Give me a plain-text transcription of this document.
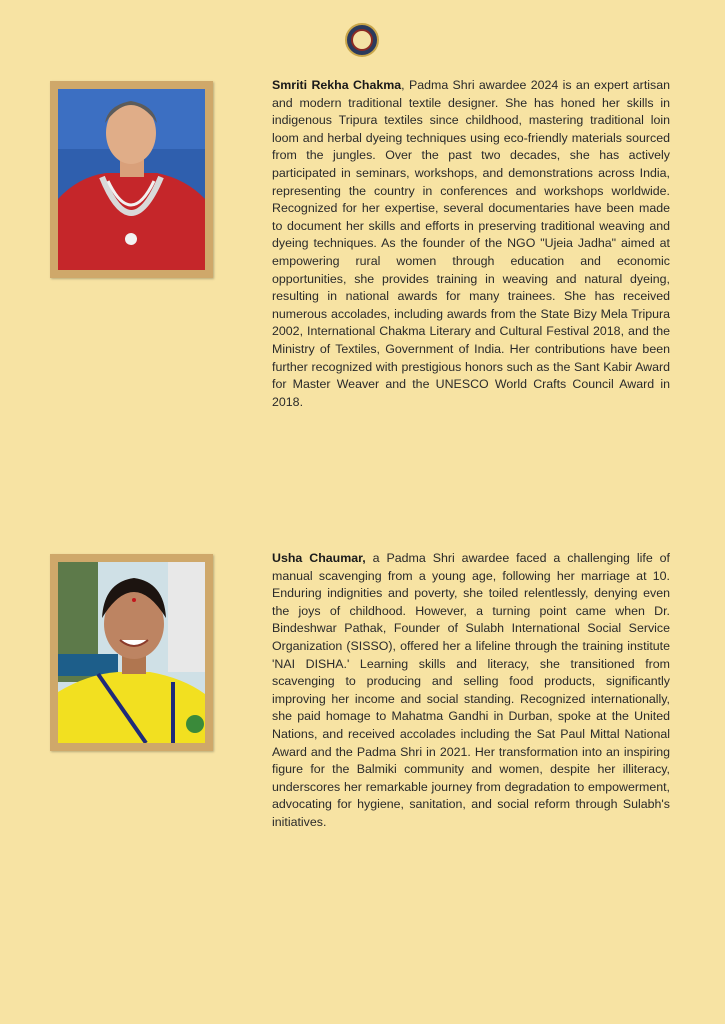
Smriti Rekha Chakma, Padma Shri awardee 2024 is an expert artisan and modern traditional textile designer. She has honed her skills in indigenous Tripura textiles since childhood, mastering traditional loin loom and herbal dyeing techniques using eco-friendly materials sourced from the jungles. Over the past two decades, she has actively participated in seminars, workshops, and demonstrations across India, representing the country in conferences and workshops worldwide. Recognized for her expertise, several documentaries have been made to document her skills and efforts in preserving traditional weaving and dyeing techniques. As the founder of the NGO "Ujeia Jadha" aimed at empowering rural women through education and economic opportunities, she provides training in weaving and natural dyeing, resulting in national awards for many trainees. She has received numerous accolades, including awards from the State Bizy Mela Tripura 2002, International Chakma Literary and Cultural Festival 2018, and the Ministry of Textiles, Government of India. Her contributions have been further recognized with prestigious honors such as the Sant Kabir Award for Master Weaver and the UNESCO World Crafts Council Award in 2018.

Usha Chaumar, a Padma Shri awardee faced a challenging life of manual scavenging from a young age, following her marriage at 10. Enduring indignities and poverty, she toiled relentlessly, denying even the joys of childhood. However, a turning point came when Dr. Bindeshwar Pathak, Founder of Sulabh International Social Service Organization (SISSO), offered her a lifeline through the training institute 'NAI DISHA.' Learning skills and literacy, she transitioned from scavenging to producing and selling food products, significantly improving her income and social standing. Recognized internationally, she paid homage to Mahatma Gandhi in Durban, spoke at the United Nations, and received accolades including the Sat Paul Mittal National Award and the Padma Shri in 2021. Her transformation into an inspiring figure for the Balmiki community and women, despite her illiteracy, underscores her remarkable journey from degradation to empowerment, advocating for hygiene, sanitation, and social reform through Sulabh's initiatives.
